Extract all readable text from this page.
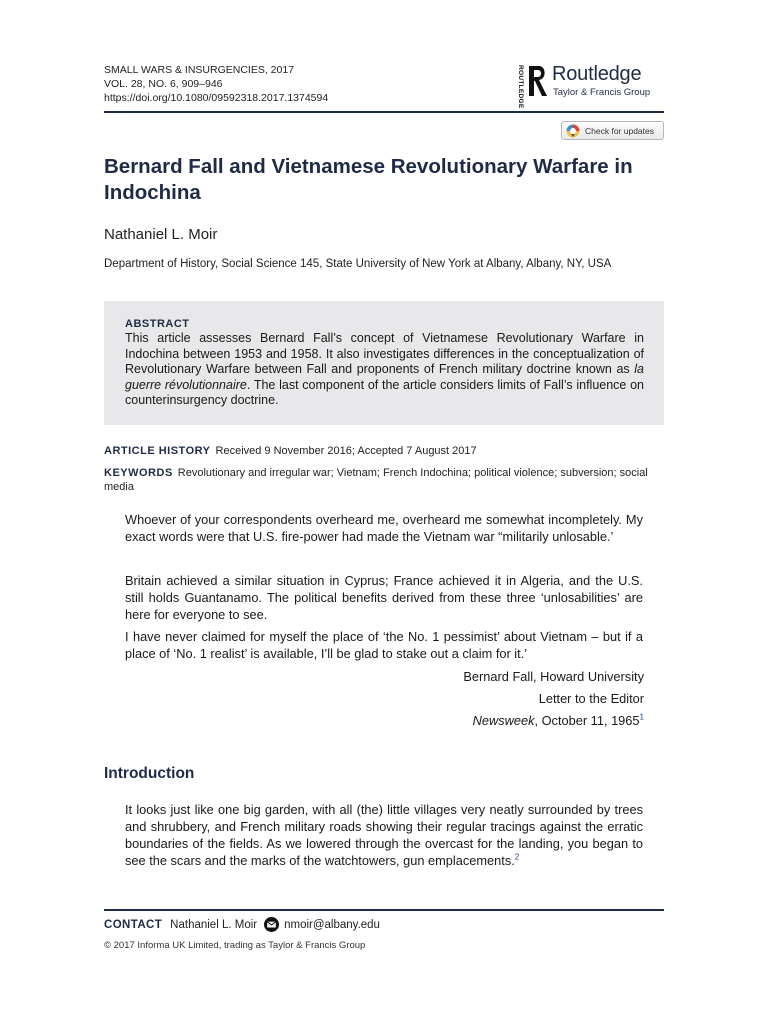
SMALL WARS & INSURGENCIES, 2017
VOL. 28, NO. 6, 909–946
https://doi.org/10.1080/09592318.2017.1374594	ROUTLEDGE Routledge
Taylor & Francis Group
Check for updates
Bernard Fall and Vietnamese Revolutionary Warfare in Indochina
Nathaniel L. Moir
Department of History, Social Science 145, State University of New York at Albany, Albany, NY, USA
ABSTRACT

This article assesses Bernard Fall’s concept of Vietnamese Revolutionary Warfare in Indochina between 1953 and 1958. It also investigates differences in the conceptualization of Revolutionary Warfare between Fall and proponents of French military doctrine known as la guerre révolutionnaire. The last component of the article considers limits of Fall’s influence on counterinsurgency doctrine.

ARTICLE HISTORY Received 9 November 2016; Accepted 7 August 2017
KEYWORDS Revolutionary and irregular war; Vietnam; French Indochina; political violence; subversion; social media

Whoever of your correspondents overheard me, overheard me somewhat incompletely. My exact words were that U.S. fire-power had made the Vietnam war “militarily unlosable.’

Britain achieved a similar situation in Cyprus; France achieved it in Algeria, and the U.S. still holds Guantanamo. The political benefits derived from these three ‘unlosabilities’ are here for everyone to see.

I have never claimed for myself the place of ‘the No. 1 pessimist’ about Vietnam – but if a place of ‘No. 1 realist’ is available, I’ll be glad to stake out a claim for it.’

Bernard Fall, Howard University
Letter to the Editor
Newsweek, October 11, 1965$^1$
Introduction

It looks just like one big garden, with all (the) little villages very neatly surrounded by trees and shrubbery, and French military roads showing their regular tracings against the erratic boundaries of the fields. As we lowered through the overcast for the landing, you began to see the scars and the marks of the watchtowers, gun emplacements.$^2$

CONTACT Nathaniel L. Moir nmoir@albany.edu
© 2017 Informa UK Limited, trading as Taylor & Francis Group
